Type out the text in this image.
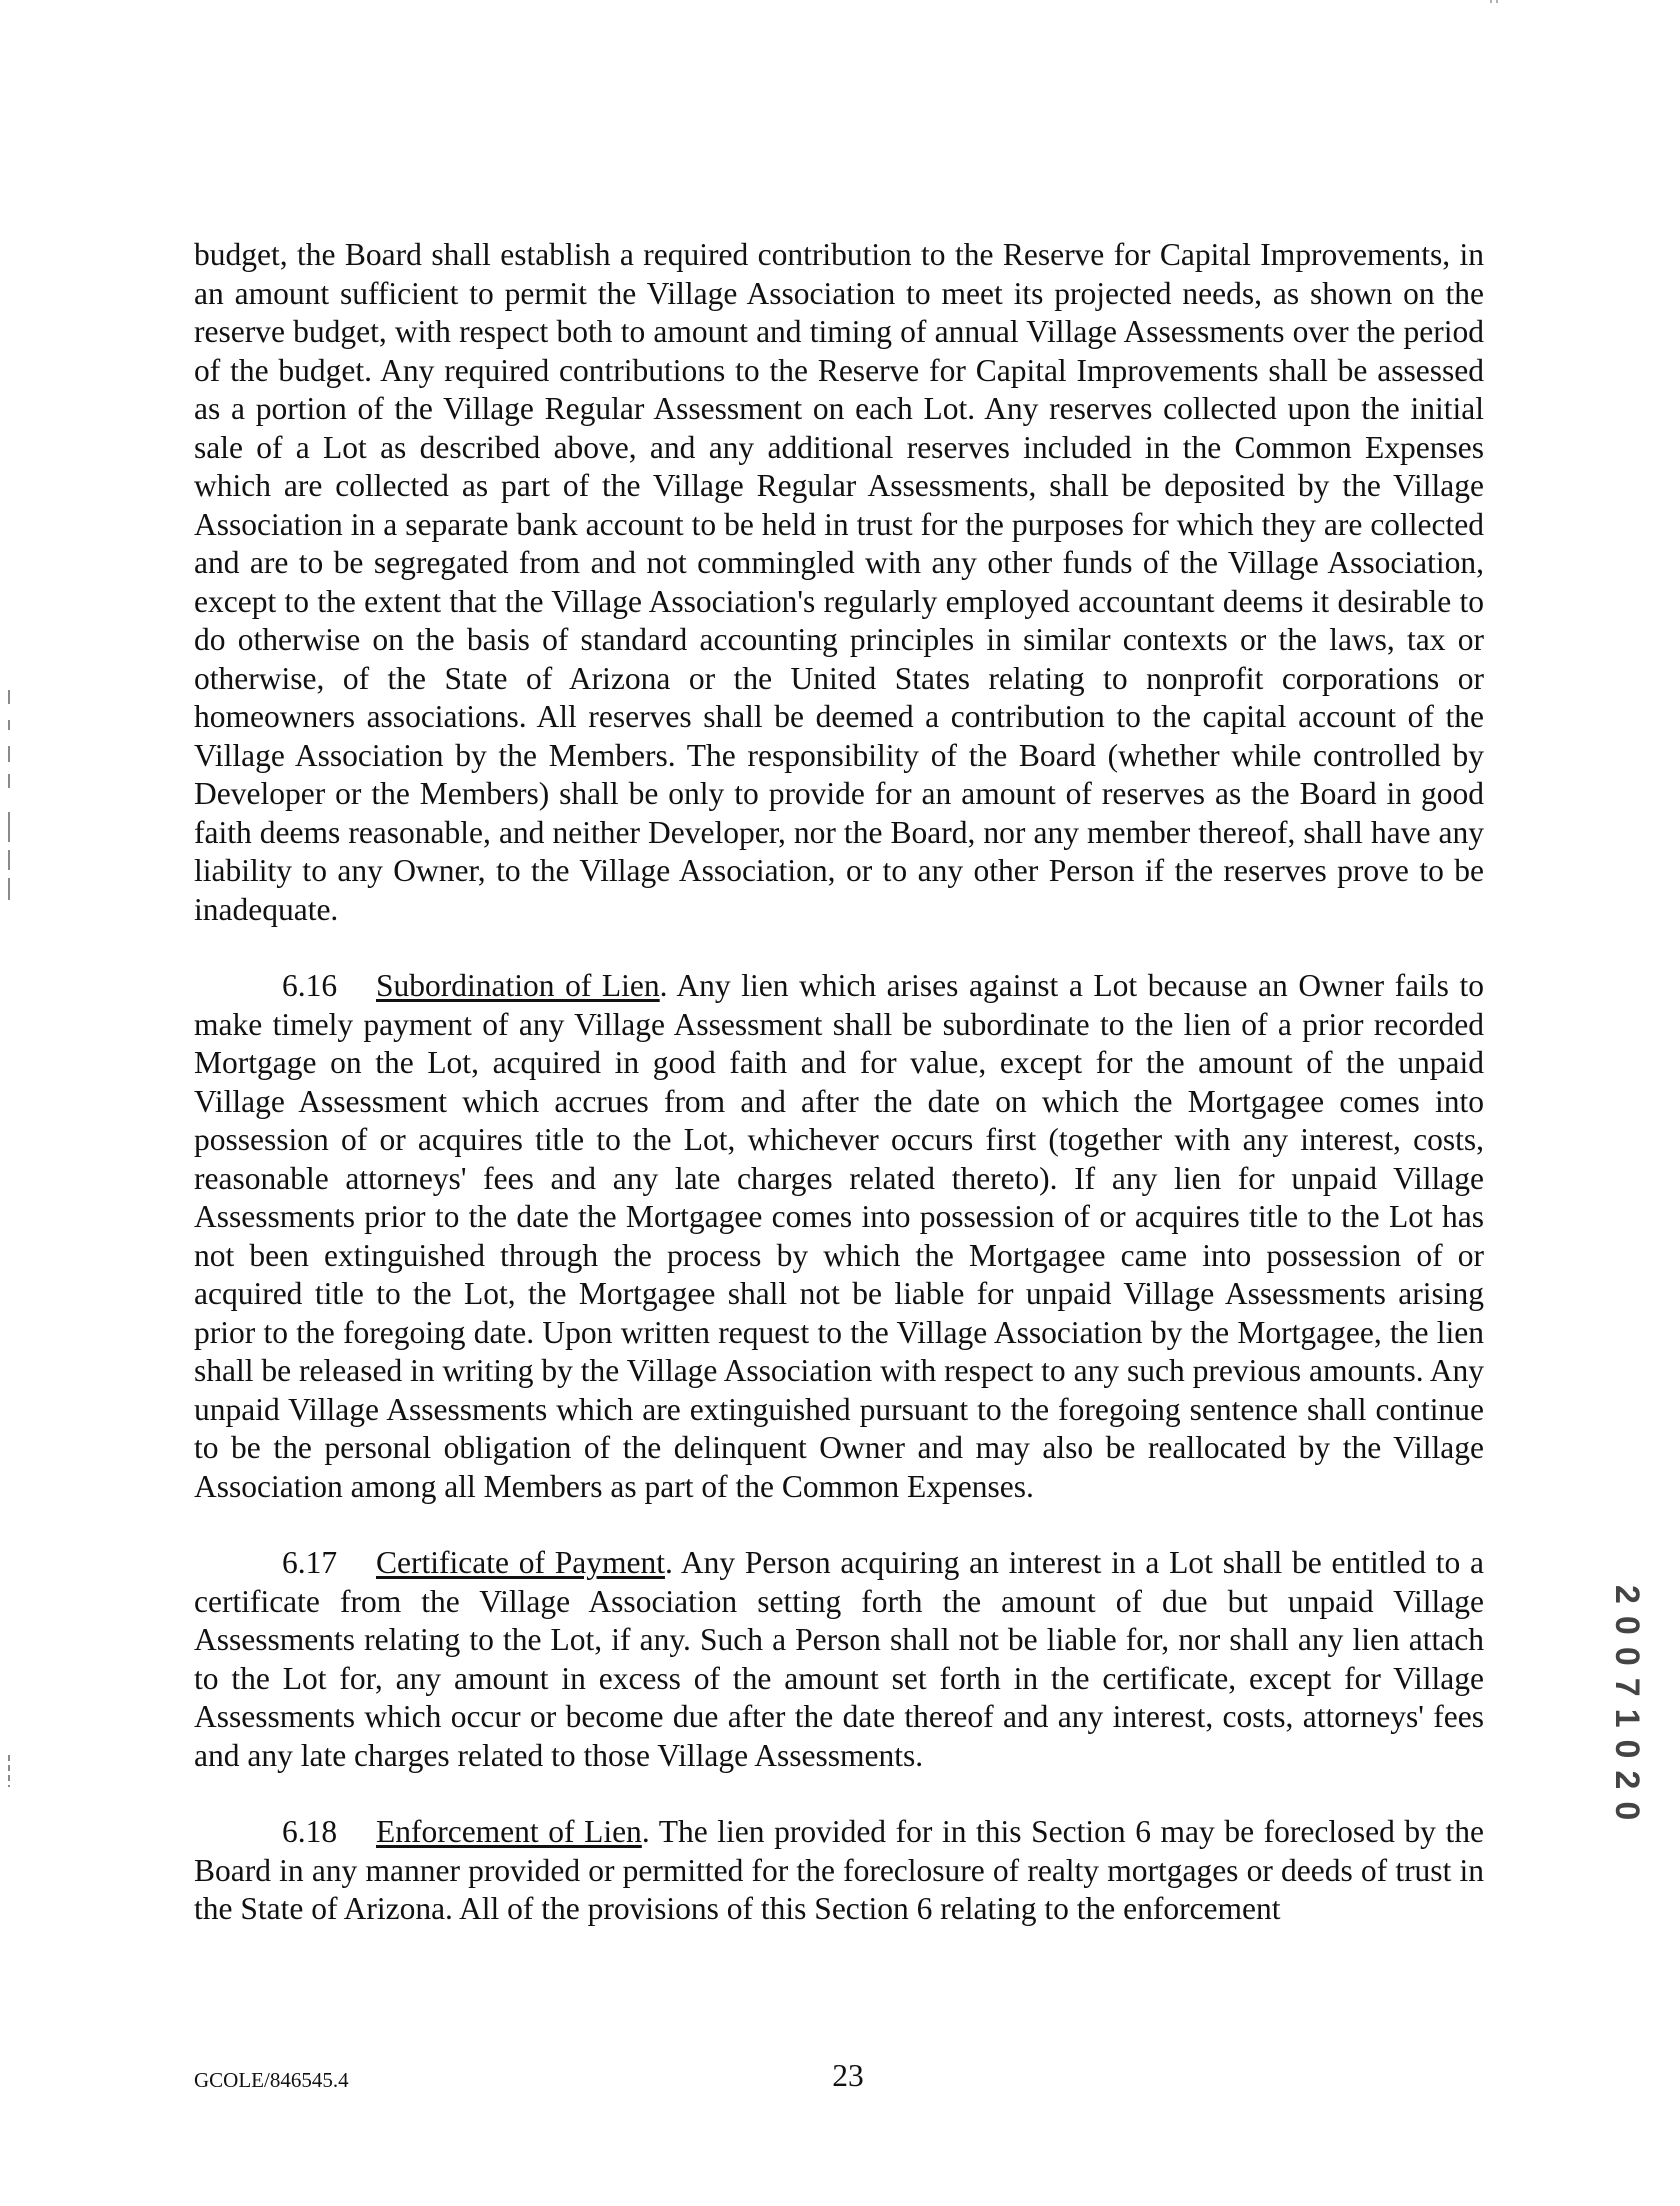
budget, the Board shall establish a required contribution to the Reserve for Capital Improvements, in an amount sufficient to permit the Village Association to meet its projected needs, as shown on the reserve budget, with respect both to amount and timing of annual Village Assessments over the period of the budget. Any required contributions to the Reserve for Capital Improvements shall be assessed as a portion of the Village Regular Assessment on each Lot. Any reserves collected upon the initial sale of a Lot as described above, and any additional reserves included in the Common Expenses which are collected as part of the Village Regular Assessments, shall be deposited by the Village Association in a separate bank account to be held in trust for the purposes for which they are collected and are to be segregated from and not commingled with any other funds of the Village Association, except to the extent that the Village Association's regularly employed accountant deems it desirable to do otherwise on the basis of standard accounting principles in similar contexts or the laws, tax or otherwise, of the State of Arizona or the United States relating to nonprofit corporations or homeowners associations. All reserves shall be deemed a contribution to the capital account of the Village Association by the Members. The responsibility of the Board (whether while controlled by Developer or the Members) shall be only to provide for an amount of reserves as the Board in good faith deems reasonable, and neither Developer, nor the Board, nor any member thereof, shall have any liability to any Owner, to the Village Association, or to any other Person if the reserves prove to be inadequate.

6.16 Subordination of Lien. Any lien which arises against a Lot because an Owner fails to make timely payment of any Village Assessment shall be subordinate to the lien of a prior recorded Mortgage on the Lot, acquired in good faith and for value, except for the amount of the unpaid Village Assessment which accrues from and after the date on which the Mortgagee comes into possession of or acquires title to the Lot, whichever occurs first (together with any interest, costs, reasonable attorneys' fees and any late charges related thereto). If any lien for unpaid Village Assessments prior to the date the Mortgagee comes into possession of or acquires title to the Lot has not been extinguished through the process by which the Mortgagee came into possession of or acquired title to the Lot, the Mortgagee shall not be liable for unpaid Village Assessments arising prior to the foregoing date. Upon written request to the Village Association by the Mortgagee, the lien shall be released in writing by the Village Association with respect to any such previous amounts. Any unpaid Village Assessments which are extinguished pursuant to the foregoing sentence shall continue to be the personal obligation of the delinquent Owner and may also be reallocated by the Village Association among all Members as part of the Common Expenses.

6.17 Certificate of Payment. Any Person acquiring an interest in a Lot shall be entitled to a certificate from the Village Association setting forth the amount of due but unpaid Village Assessments relating to the Lot, if any. Such a Person shall not be liable for, nor shall any lien attach to the Lot for, any amount in excess of the amount set forth in the certificate, except for Village Assessments which occur or become due after the date thereof and any interest, costs, attorneys' fees and any late charges related to those Village Assessments.

6.18 Enforcement of Lien. The lien provided for in this Section 6 may be foreclosed by the Board in any manner provided or permitted for the foreclosure of realty mortgages or deeds of trust in the State of Arizona. All of the provisions of this Section 6 relating to the enforcement

20071020
GCOLE/846545.4	23
